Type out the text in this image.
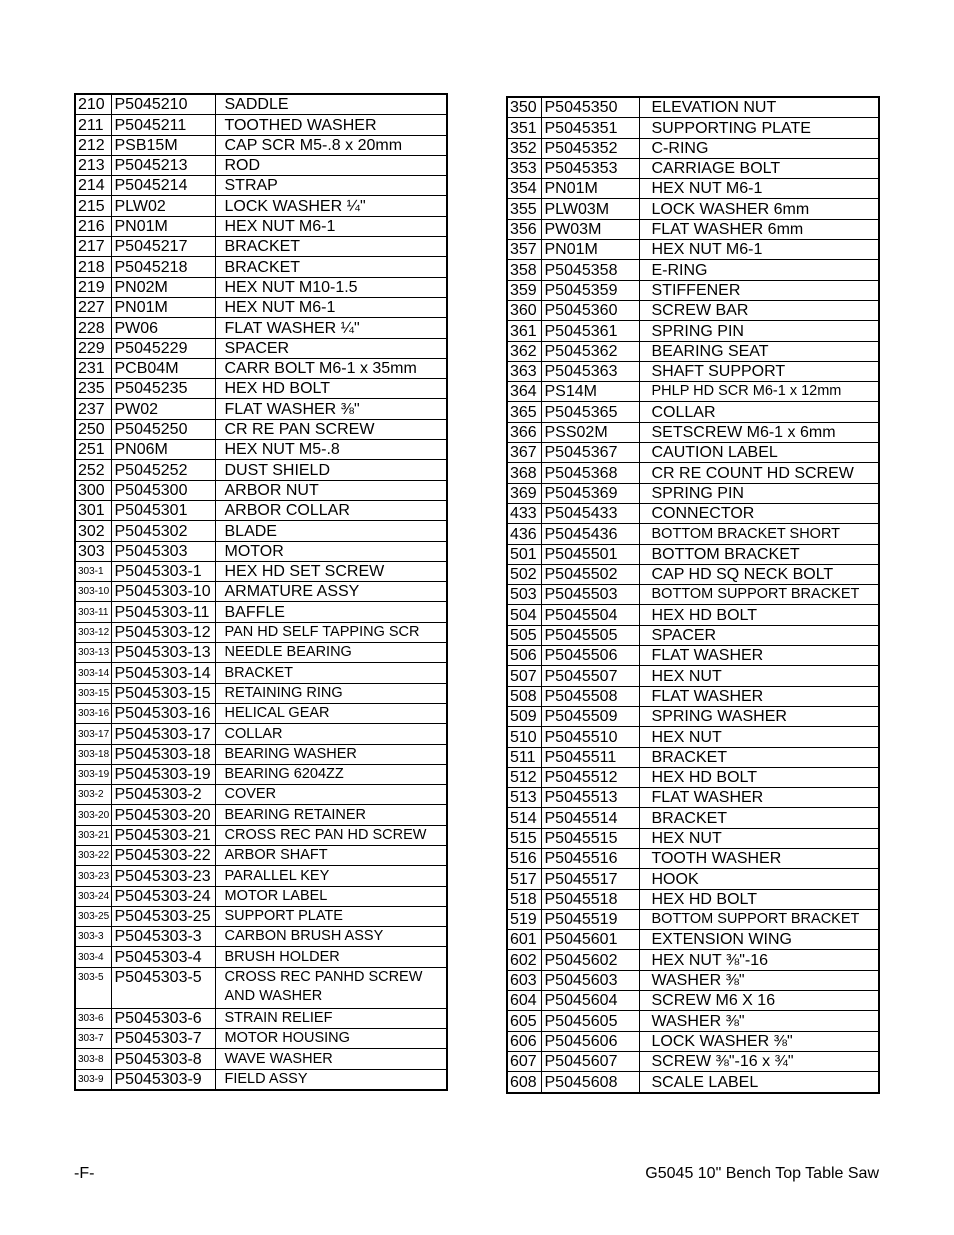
210	P5045210	SADDLE
211	P5045211	TOOTHED WASHER
212	PSB15M	CAP SCR M5-.8 x 20mm
213	P5045213	ROD
214	P5045214	STRAP
215	PLW02	LOCK WASHER ¼"
216	PN01M	HEX NUT M6-1
217	P5045217	BRACKET
218	P5045218	BRACKET
219	PN02M	HEX NUT M10-1.5
227	PN01M	HEX NUT M6-1
228	PW06	FLAT WASHER ¼"
229	P5045229	SPACER
231	PCB04M	CARR BOLT M6-1 x 35mm
235	P5045235	HEX HD BOLT
237	PW02	FLAT WASHER ⅜"
250	P5045250	CR RE PAN SCREW
251	PN06M	HEX NUT M5-.8
252	P5045252	DUST SHIELD
300	P5045300	ARBOR NUT
301	P5045301	ARBOR COLLAR
302	P5045302	BLADE
303	P5045303	MOTOR
303-1	P5045303-1	HEX HD SET SCREW
303-10	P5045303-10	ARMATURE ASSY
303-11	P5045303-11	BAFFLE
303-12	P5045303-12	PAN HD SELF TAPPING SCR
303-13	P5045303-13	NEEDLE BEARING
303-14	P5045303-14	BRACKET
303-15	P5045303-15	RETAINING RING
303-16	P5045303-16	HELICAL GEAR
303-17	P5045303-17	COLLAR
303-18	P5045303-18	BEARING WASHER
303-19	P5045303-19	BEARING 6204ZZ
303-2	P5045303-2	COVER
303-20	P5045303-20	BEARING RETAINER
303-21	P5045303-21	CROSS REC PAN HD SCREW
303-22	P5045303-22	ARBOR SHAFT
303-23	P5045303-23	PARALLEL KEY
303-24	P5045303-24	MOTOR LABEL
303-25	P5045303-25	SUPPORT PLATE
303-3	P5045303-3	CARBON BRUSH ASSY
303-4	P5045303-4	BRUSH HOLDER
303-5	P5045303-5	CROSS REC PANHD SCREW AND WASHER
303-6	P5045303-6	STRAIN RELIEF
303-7	P5045303-7	MOTOR HOUSING
303-8	P5045303-8	WAVE WASHER
303-9	P5045303-9	FIELD ASSY
350	P5045350	ELEVATION NUT
351	P5045351	SUPPORTING PLATE
352	P5045352	C-RING
353	P5045353	CARRIAGE BOLT
354	PN01M	HEX NUT M6-1
355	PLW03M	LOCK WASHER 6mm
356	PW03M	FLAT WASHER 6mm
357	PN01M	HEX NUT M6-1
358	P5045358	E-RING
359	P5045359	STIFFENER
360	P5045360	SCREW BAR
361	P5045361	SPRING PIN
362	P5045362	BEARING SEAT
363	P5045363	SHAFT SUPPORT
364	PS14M	PHLP HD SCR M6-1 x 12mm
365	P5045365	COLLAR
366	PSS02M	SETSCREW M6-1 x 6mm
367	P5045367	CAUTION LABEL
368	P5045368	CR RE COUNT HD SCREW
369	P5045369	SPRING PIN
433	P5045433	CONNECTOR
436	P5045436	BOTTOM BRACKET SHORT
501	P5045501	BOTTOM BRACKET
502	P5045502	CAP HD SQ NECK BOLT
503	P5045503	BOTTOM SUPPORT BRACKET
504	P5045504	HEX HD BOLT
505	P5045505	SPACER
506	P5045506	FLAT WASHER
507	P5045507	HEX NUT
508	P5045508	FLAT WASHER
509	P5045509	SPRING WASHER
510	P5045510	HEX NUT
511	P5045511	BRACKET
512	P5045512	HEX HD BOLT
513	P5045513	FLAT WASHER
514	P5045514	BRACKET
515	P5045515	HEX NUT
516	P5045516	TOOTH WASHER
517	P5045517	HOOK
518	P5045518	HEX HD BOLT
519	P5045519	BOTTOM SUPPORT BRACKET
601	P5045601	EXTENSION WING
602	P5045602	HEX NUT ⅜"-16
603	P5045603	WASHER ⅜"
604	P5045604	SCREW M6 X 16
605	P5045605	WASHER ⅜"
606	P5045606	LOCK WASHER ⅜"
607	P5045607	SCREW ⅜"-16 x ¾"
608	P5045608	SCALE LABEL
-F-	G5045 10" Bench Top Table Saw
